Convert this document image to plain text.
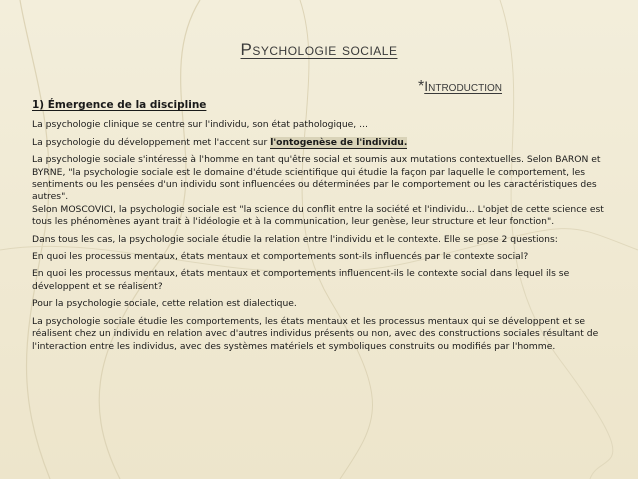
Psychologie sociale
*Introduction

1) Émergence de la discipline

La psychologie clinique se centre sur l'individu, son état pathologique, ...

La psychologie du développement met l'accent sur l'ontogenèse de l'individu.

La psychologie sociale s'intéresse à l'homme en tant qu'être social et soumis aux mutations contextuelles. Selon BARON et BYRNE, "la psychologie sociale est le domaine d'étude scientifique qui étudie la façon par laquelle le comportement, les sentiments ou les pensées d'un individu sont influencées ou déterminées par le comportement ou les caractéristiques des autres".

Selon MOSCOVICI, la psychologie sociale est "la science du conflit entre la société et l'individu... L'objet de cette science est tous les phénomènes ayant trait à l'idéologie et à la communication, leur genèse, leur structure et leur fonction".

Dans tous les cas, la psychologie sociale étudie la relation entre l'individu et le contexte. Elle se pose 2 questions:

En quoi les processus mentaux, états mentaux et comportements sont-ils influencés par le contexte social?

En quoi les processus mentaux, états mentaux et comportements influencent-ils le contexte social dans lequel ils se développent et se réalisent?

Pour la psychologie sociale, cette relation est dialectique.

La psychologie sociale étudie les comportements, les états mentaux et les processus mentaux qui se développent et se réalisent chez un individu en relation avec d'autres individus présents ou non, avec des constructions sociales résultant de l'interaction entre les individus, avec des systèmes matériels et symboliques construits ou modifiés par l'homme.
